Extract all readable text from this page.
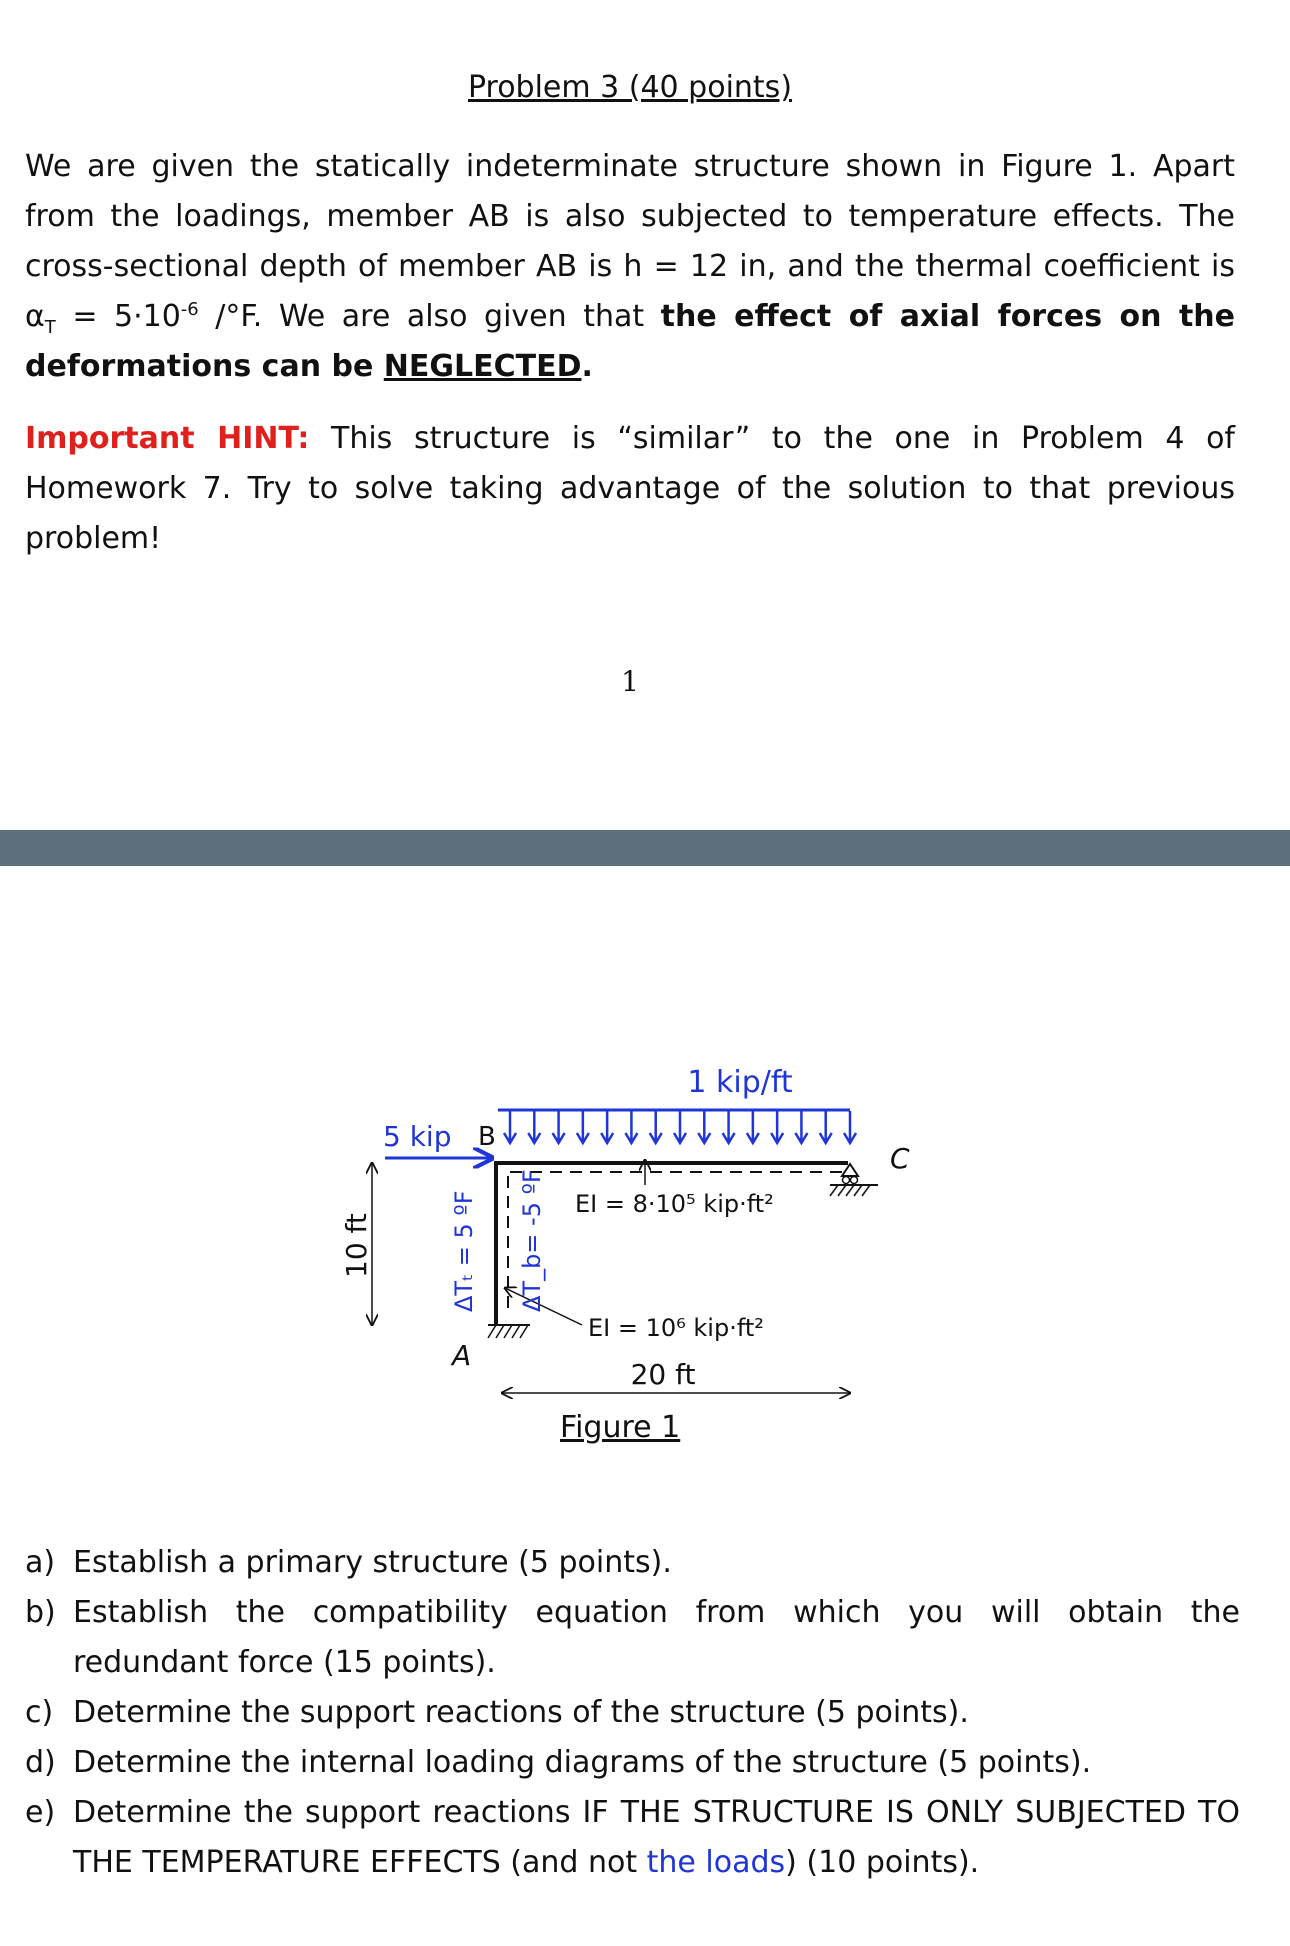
Problem 3 (40 points)
We are given the statically indeterminate structure shown in Figure 1. Apart from the loadings, member AB is also subjected to temperature effects. The cross-sectional depth of member AB is h = 12 in, and the thermal coefficient is $\alpha_T = 5\cdot 10^{-6}$ /°F. We are also given that the effect of axial forces on the deformations can be NEGLECTED.
Important HINT: This structure is “similar” to the one in Problem 4 of Homework 7. Try to solve taking advantage of the solution to that previous problem!
1
1 kip/ft
5 kip
A
B
C
EI = 8·10⁵ kip·ft²
EI = 10⁶ kip·ft²
ΔTₜ = 5 ºF ΔT_b= -5 ºF
20 ft
10 ft
Figure 1
a) Establish a primary structure (5 points).
b) Establish the compatibility equation from which you will obtain the redundant force (15 points).
c) Determine the support reactions of the structure (5 points).
d) Determine the internal loading diagrams of the structure (5 points).
e) Determine the support reactions IF THE STRUCTURE IS ONLY SUBJECTED TO THE TEMPERATURE EFFECTS (and not the loads) (10 points).
